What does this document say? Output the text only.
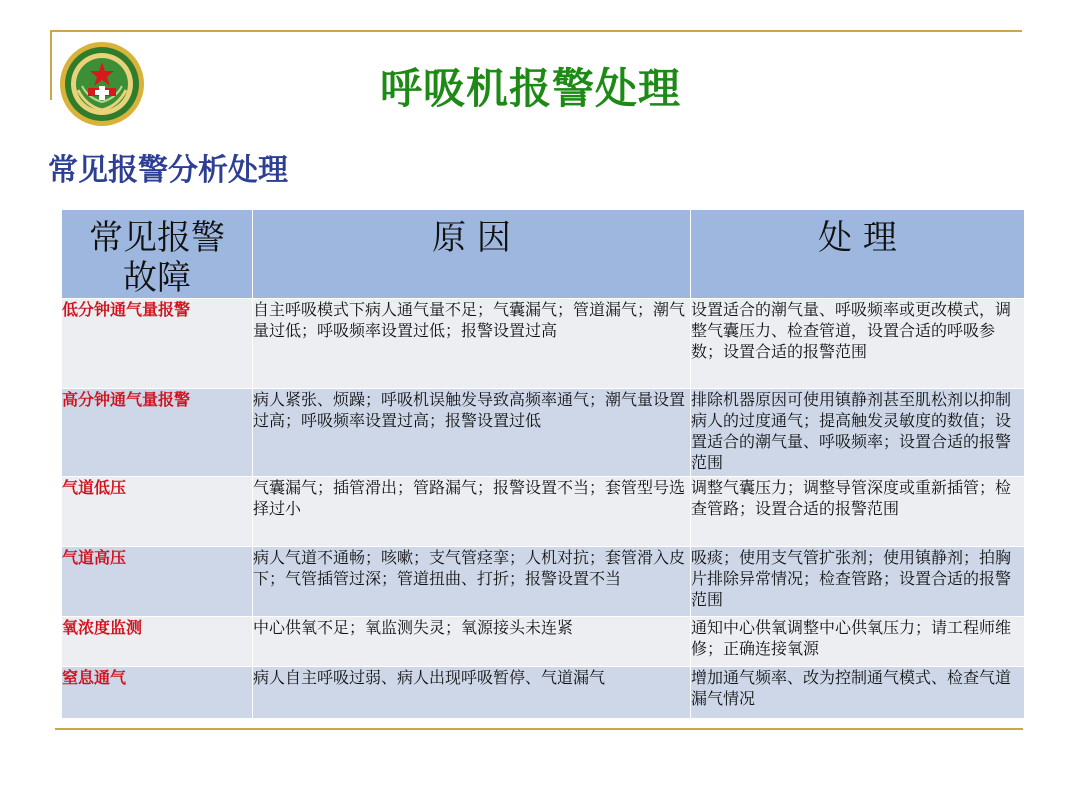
呼吸机报警处理
常见报警分析处理
常见报警故障	原 因	处 理

低分钟通气量报警	自主呼吸模式下病人通气量不足；气囊漏气；管道漏气；潮气量过低；呼吸频率设置过低；报警设置过高	设置适合的潮气量、呼吸频率或更改模式，调整气囊压力、检查管道，设置合适的呼吸参数；设置合适的报警范围
高分钟通气量报警	病人紧张、烦躁；呼吸机误触发导致高频率通气；潮气量设置过高；呼吸频率设置过高；报警设置过低	排除机器原因可使用镇静剂甚至肌松剂以抑制病人的过度通气；提高触发灵敏度的数值；设置适合的潮气量、呼吸频率；设置合适的报警范围
气道低压	气囊漏气；插管滑出；管路漏气；报警设置不当；套管型号选择过小	调整气囊压力；调整导管深度或重新插管；检查管路；设置合适的报警范围
气道高压	病人气道不通畅；咳嗽；支气管痉挛；人机对抗；套管滑入皮下；气管插管过深；管道扭曲、打折；报警设置不当	吸痰；使用支气管扩张剂；使用镇静剂；拍胸片排除异常情况；检查管路；设置合适的报警范围
氧浓度监测	中心供氧不足；氧监测失灵；氧源接头未连紧	通知中心供氧调整中心供氧压力；请工程师维修；正确连接氧源
窒息通气	病人自主呼吸过弱、病人出现呼吸暂停、气道漏气	增加通气频率、改为控制通气模式、检查气道漏气情况
